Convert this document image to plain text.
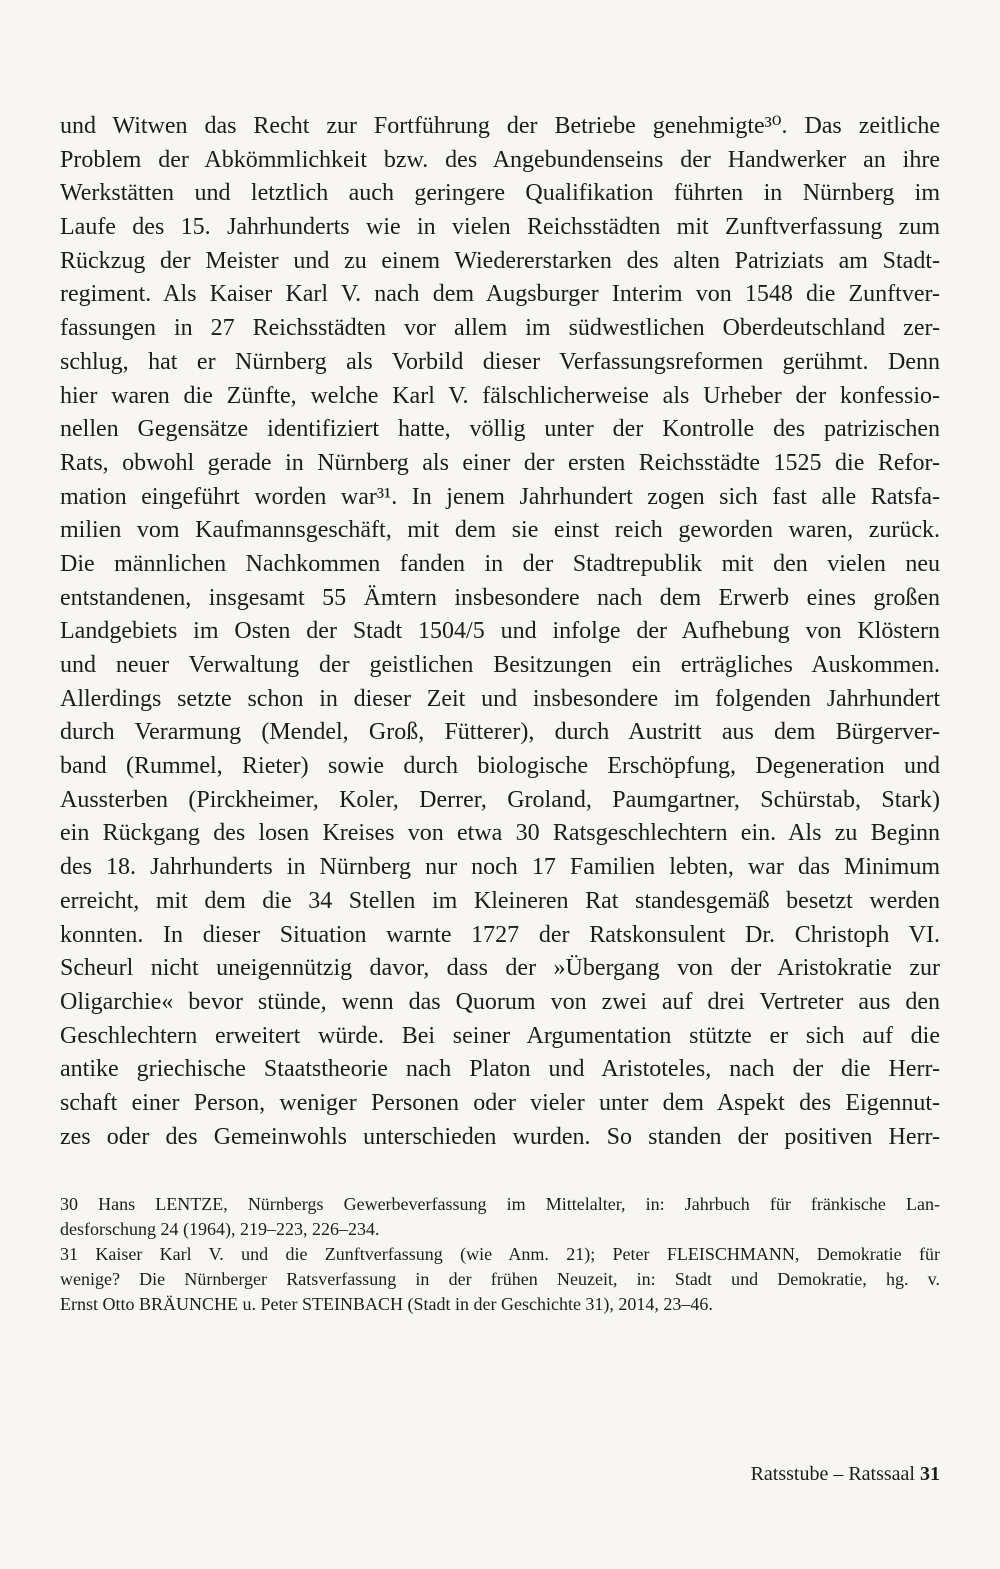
und Witwen das Recht zur Fortführung der Betriebe genehmigte³⁰. Das zeitliche
Problem der Abkömmlichkeit bzw. des Angebundenseins der Handwerker an ihre
Werkstätten und letztlich auch geringere Qualifikation führten in Nürnberg im
Laufe des 15. Jahrhunderts wie in vielen Reichsstädten mit Zunftverfassung zum
Rückzug der Meister und zu einem Wiedererstarken des alten Patriziats am Stadt-
regiment. Als Kaiser Karl V. nach dem Augsburger Interim von 1548 die Zunftver-
fassungen in 27 Reichsstädten vor allem im südwestlichen Oberdeutschland zer-
schlug, hat er Nürnberg als Vorbild dieser Verfassungsreformen gerühmt. Denn
hier waren die Zünfte, welche Karl V. fälschlicherweise als Urheber der konfessio-
nellen Gegensätze identifiziert hatte, völlig unter der Kontrolle des patrizischen
Rats, obwohl gerade in Nürnberg als einer der ersten Reichsstädte 1525 die Refor-
mation eingeführt worden war³¹. In jenem Jahrhundert zogen sich fast alle Ratsfa-
milien vom Kaufmannsgeschäft, mit dem sie einst reich geworden waren, zurück.
Die männlichen Nachkommen fanden in der Stadtrepublik mit den vielen neu
entstandenen, insgesamt 55 Ämtern insbesondere nach dem Erwerb eines großen
Landgebiets im Osten der Stadt 1504/5 und infolge der Aufhebung von Klöstern
und neuer Verwaltung der geistlichen Besitzungen ein erträgliches Auskommen.
Allerdings setzte schon in dieser Zeit und insbesondere im folgenden Jahrhundert
durch Verarmung (Mendel, Groß, Fütterer), durch Austritt aus dem Bürgerver-
band (Rummel, Rieter) sowie durch biologische Erschöpfung, Degeneration und
Aussterben (Pirckheimer, Koler, Derrer, Groland, Paumgartner, Schürstab, Stark)
ein Rückgang des losen Kreises von etwa 30 Ratsgeschlechtern ein. Als zu Beginn
des 18. Jahrhunderts in Nürnberg nur noch 17 Familien lebten, war das Minimum
erreicht, mit dem die 34 Stellen im Kleineren Rat standesgemäß besetzt werden
konnten. In dieser Situation warnte 1727 der Ratskonsulent Dr. Christoph VI.
Scheurl nicht uneigennützig davor, dass der »Übergang von der Aristokratie zur
Oligarchie« bevor stünde, wenn das Quorum von zwei auf drei Vertreter aus den
Geschlechtern erweitert würde. Bei seiner Argumentation stützte er sich auf die
antike griechische Staatstheorie nach Platon und Aristoteles, nach der die Herr-
schaft einer Person, weniger Personen oder vieler unter dem Aspekt des Eigennut-
zes oder des Gemeinwohls unterschieden wurden. So standen der positiven Herr-
30 Hans LENTZE, Nürnbergs Gewerbeverfassung im Mittelalter, in: Jahrbuch für fränkische Lan-
desforschung 24 (1964), 219–223, 226–234.
31 Kaiser Karl V. und die Zunftverfassung (wie Anm. 21); Peter FLEISCHMANN, Demokratie für
wenige? Die Nürnberger Ratsverfassung in der frühen Neuzeit, in: Stadt und Demokratie, hg. v.
Ernst Otto BRÄUNCHE u. Peter STEINBACH (Stadt in der Geschichte 31), 2014, 23–46.
Ratsstube – Ratssaal 31
